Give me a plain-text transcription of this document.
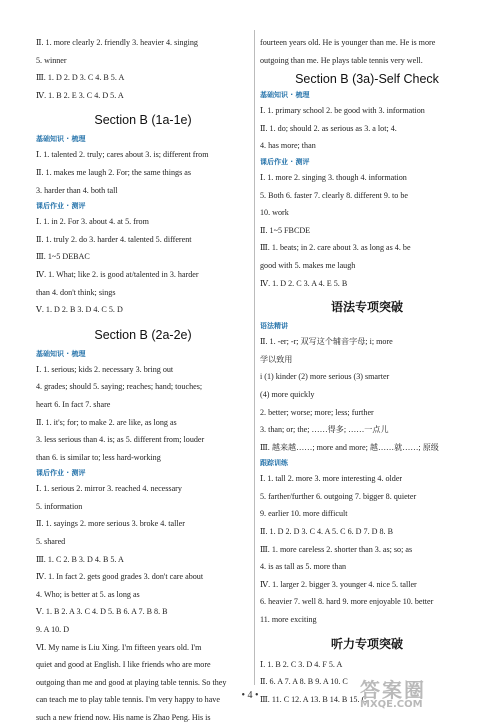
Ⅱ. 1. more clearly 2. friendly 3. heavier 4. singing
5. winner
Ⅲ. 1. D 2. D 3. C 4. B 5. A
Ⅳ. 1. B 2. E 3. C 4. D 5. A
Section B (1a-1e)
基础知识 · 梳理
Ⅰ. 1. talented 2. truly; cares about 3. is; different from
Ⅱ. 1. makes me laugh 2. For; the same things as
3. harder than 4. both tall
课后作业 · 测评
Ⅰ. 1. in 2. For 3. about 4. at 5. from
Ⅱ. 1. truly 2. do 3. harder 4. talented 5. different
Ⅲ. 1~5 DEBAC
Ⅳ. 1. What; like 2. is good at/talented in 3. harder
than 4. don't think; sings
Ⅴ. 1. D 2. B 3. D 4. C 5. D
Section B (2a-2e)
基础知识 · 梳理
Ⅰ. 1. serious; kids 2. necessary 3. bring out
4. grades; should 5. saying; reaches; hand; touches;
heart 6. In fact 7. share
Ⅱ. 1. it's; for; to make 2. are like, as long as
3. less serious than 4. is; as 5. different from; louder
than 6. is similar to; less hard-working
课后作业 · 测评
Ⅰ. 1. serious 2. mirror 3. reached 4. necessary
5. information
Ⅱ. 1. sayings 2. more serious 3. broke 4. taller
5. shared
Ⅲ. 1. C 2. B 3. D 4. B 5. A
Ⅳ. 1. In fact 2. gets good grades 3. don't care about
4. Who; is better at 5. as long as
Ⅴ. 1. B 2. A 3. C 4. D 5. B 6. A 7. B 8. B
9. A 10. D
Ⅵ. My name is Liu Xing. I'm fifteen years old. I'm
quiet and good at English. I like friends who are more
outgoing than me and good at playing table tennis. So they
can teach me to play table tennis. I'm very happy to have
such a new friend now. His name is Zhao Peng. His is
fourteen years old. He is younger than me. He is more
outgoing than me. He plays table tennis very well.
Section B (3a)-Self Check
基础知识 · 梳理
Ⅰ. 1. primary school 2. be good with 3. information
Ⅱ. 1. do; should 2. as serious as 3. a lot; 4.
4. has more; than
课后作业 · 测评
Ⅰ. 1. more 2. singing 3. though 4. information
5. Both 6. faster 7. clearly 8. different 9. to be
10. work
Ⅱ. 1~5 FBCDE
Ⅲ. 1. beats; in 2. care about 3. as long as 4. be
good with 5. makes me laugh
Ⅳ. 1. D 2. C 3. A 4. E 5. B
语法专项突破
语法精讲
Ⅱ. 1. -er; -r; 双写这个辅音字母; i; more
学以致用
i (1) kinder (2) more serious (3) smarter
(4) more quickly
2. better; worse; more; less; further
3. than; or; the; ……得多; ……一点儿
Ⅲ. 越来越……; more and more; 越……就……; 原级
跟踪训练
Ⅰ. 1. tall 2. more 3. more interesting 4. older
5. farther/further 6. outgoing 7. bigger 8. quieter
9. earlier 10. more difficult
Ⅱ. 1. D 2. D 3. C 4. A 5. C 6. D 7. D 8. B
Ⅲ. 1. more careless 2. shorter than 3. as; so; as
4. is as tall as 5. more than
Ⅳ. 1. larger 2. bigger 3. younger 4. nice 5. taller
6. heavier 7. well 8. hard 9. more enjoyable 10. better
11. more exciting
听力专项突破
Ⅰ. 1. B 2. C 3. D 4. F 5. A
Ⅱ. 6. A 7. A 8. B 9. A 10. C
Ⅲ. 11. C 12. A 13. B 14. B 15. C
• 4 •	答案圈
MXQE.COM
